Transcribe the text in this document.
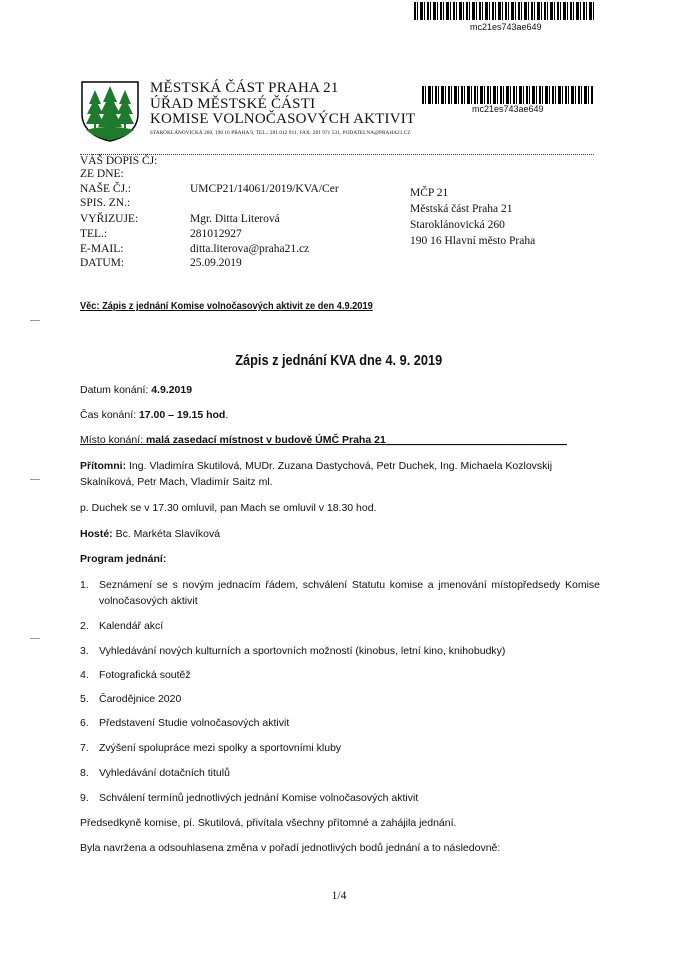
mc21es743ae649
MĚSTSKÁ ČÁST PRAHA 21
ÚŘAD MĚSTSKÉ ČÁSTI
KOMISE VOLNOČASOVÝCH AKTIVIT
STAROKLÁNOVICKÁ 260, 190 16 PRAHA 9, TEL.: 281 012 911, FAX: 281 971 531, PODATELNA@PRAHA21.CZ
mc21es743ae649
VÁŠ DOPIS ČJ:
ZE DNE:
NAŠE ČJ.:
SPIS. ZN.:
VYŘIZUJE:
TEL.:
E-MAIL:
DATUM:
UMCP21/14061/2019/KVA/Cer
Mgr. Ditta Literová
281012927
ditta.literova@praha21.cz
25.09.2019
MČP 21
Městská část Praha 21
Staroklánovická 260
190 16 Hlavní město Praha
Věc: Zápis z jednání Komise volnočasových aktivit ze den 4.9.2019
Zápis z jednání KVA dne 4. 9. 2019
Datum konání: 4.9.2019
Čas konání: 17.00 – 19.15 hod.
Místo konání: malá zasedací místnost v budově ÚMČ Praha 21_______________________________
Přítomni: Ing. Vladimíra Skutilová, MUDr. Zuzana Dastychová, Petr Duchek, Ing. Michaela Kozlovskij Skalníková, Petr Mach, Vladimír Saitz ml.
p. Duchek se v 17.30 omluvil, pan Mach se omluvil v 18.30 hod.
Hosté: Bc. Markéta Slavíková
Program jednání:
1. Seznámení se s novým jednacím řádem, schválení Statutu komise a jmenování místopředsedy Komise volnočasových aktivit
2. Kalendář akcí
3. Vyhledávání nových kulturních a sportovních možností (kinobus, letní kino, knihobudky)
4. Fotografická soutěž
5. Čarodějnice 2020
6. Představení Studie volnočasových aktivit
7. Zvýšení spolupráce mezi spolky a sportovními kluby
8. Vyhledávání dotačních titulů
9. Schválení termínů jednotlivých jednání Komise volnočasových aktivit
Předsedkyně komise, pí. Skutilová, přivítala všechny přítomné a zahájila jednání.
Byla navržena a odsouhlasena změna v pořadí jednotlivých bodů jednání a to následovně:
1/4
